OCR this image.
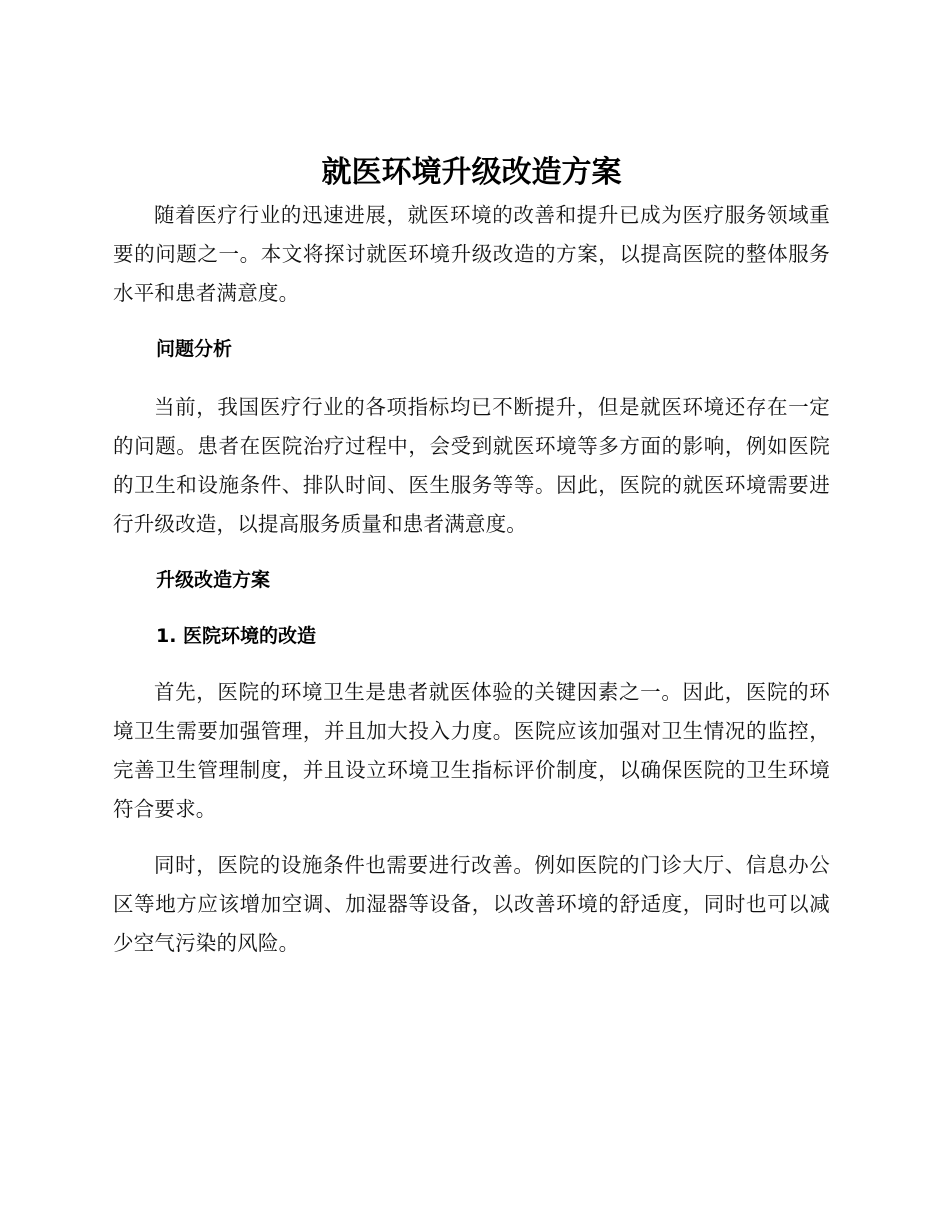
就医环境升级改造方案

随着医疗行业的迅速进展，就医环境的改善和提升已成为医疗服务领域重要的问题之一。本文将探讨就医环境升级改造的方案，以提高医院的整体服务水平和患者满意度。

问题分析

当前，我国医疗行业的各项指标均已不断提升，但是就医环境还存在一定的问题。患者在医院治疗过程中，会受到就医环境等多方面的影响，例如医院的卫生和设施条件、排队时间、医生服务等等。因此，医院的就医环境需要进行升级改造，以提高服务质量和患者满意度。

升级改造方案
1. 医院环境的改造

首先，医院的环境卫生是患者就医体验的关键因素之一。因此，医院的环境卫生需要加强管理，并且加大投入力度。医院应该加强对卫生情况的监控，完善卫生管理制度，并且设立环境卫生指标评价制度，以确保医院的卫生环境符合要求。

同时，医院的设施条件也需要进行改善。例如医院的门诊大厅、信息办公区等地方应该增加空调、加湿器等设备，以改善环境的舒适度，同时也可以减少空气污染的风险。
